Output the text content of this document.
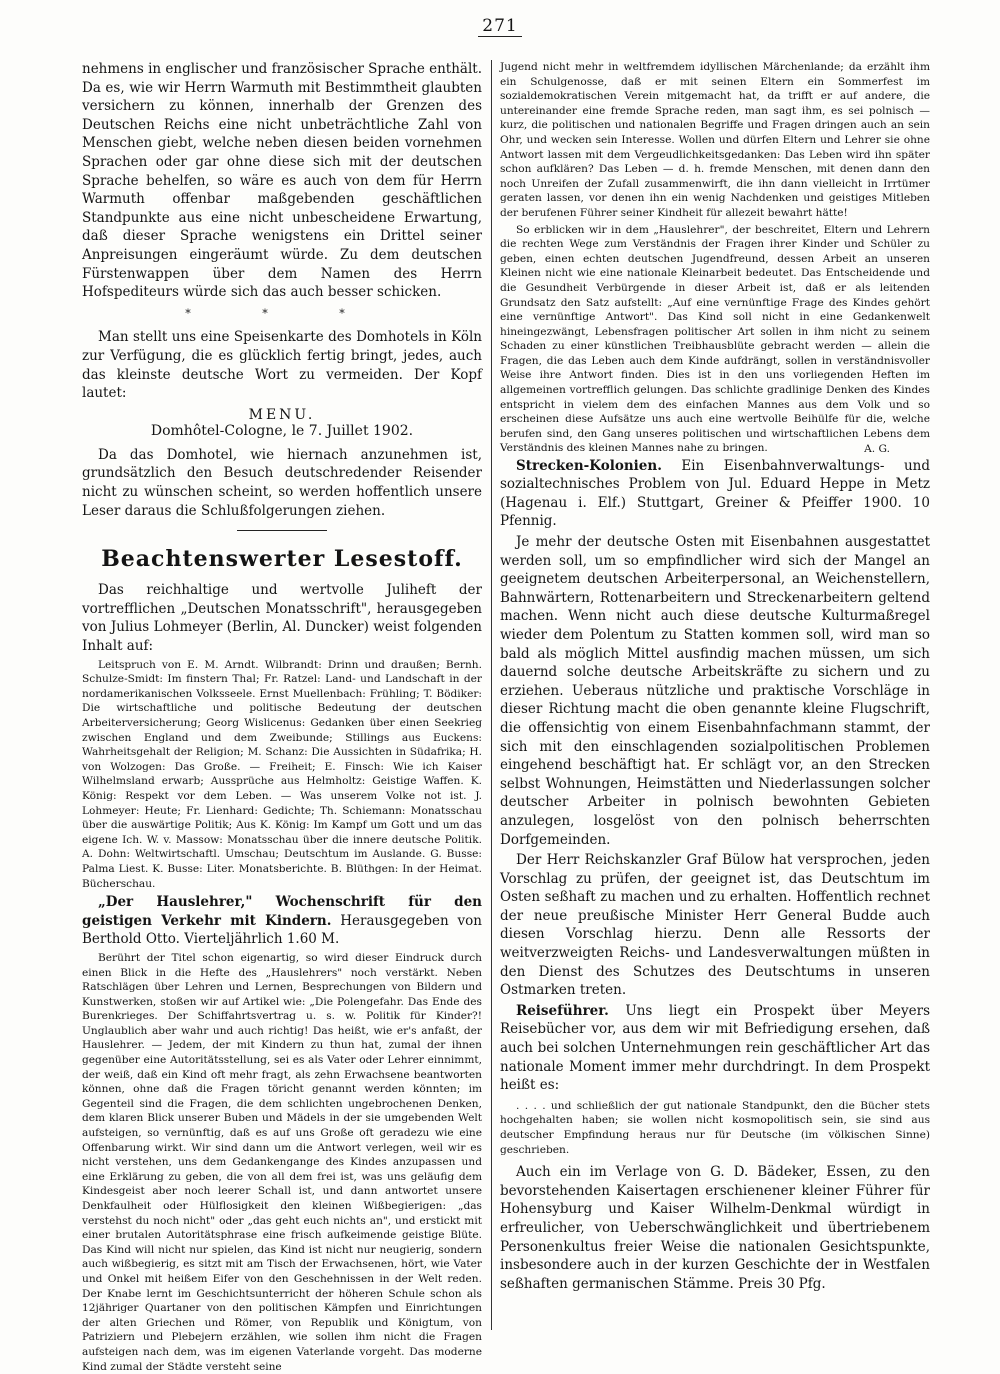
271

nehmens in englischer und französischer Sprache enthält. Da es, wie wir Herrn Warmuth mit Bestimmtheit glaubten versichern zu können, innerhalb der Grenzen des Deutschen Reichs eine nicht unbeträchtliche Zahl von Menschen giebt, welche neben diesen beiden vornehmen Sprachen oder gar ohne diese sich mit der deutschen Sprache behelfen, so wäre es auch von dem für Herrn Warmuth offenbar maßgebenden geschäftlichen Standpunkte aus eine nicht unbescheidene Erwartung, daß dieser Sprache wenigstens ein Drittel seiner Anpreisungen eingeräumt würde. Zu dem deutschen Fürstenwappen über dem Namen des Herrn Hofspediteurs würde sich das auch besser schicken.

* * *

Man stellt uns eine Speisenkarte des Domhotels in Köln zur Verfügung, die es glücklich fertig bringt, jedes, auch das kleinste deutsche Wort zu vermeiden. Der Kopf lautet:

MENU.
Domhôtel-Cologne, le 7. Juillet 1902.

Da das Domhotel, wie hiernach anzunehmen ist, grundsätzlich den Besuch deutschredender Reisender nicht zu wünschen scheint, so werden hoffentlich unsere Leser daraus die Schlußfolgerungen ziehen.

Beachtenswerter Lesestoff.

Das reichhaltige und wertvolle Juliheft der vortrefflichen „Deutschen Monatsschrift", herausgegeben von Julius Lohmeyer (Berlin, Al. Duncker) weist folgenden Inhalt auf:

Leitspruch von E. M. Arndt. Wilbrandt: Drinn und draußen; Bernh. Schulze-Smidt: Im finstern Thal; Fr. Ratzel: Land- und Landschaft in der nordamerikanischen Volksseele. Ernst Muellenbach: Frühling; T. Bödiker: Die wirtschaftliche und politische Bedeutung der deutschen Arbeiterversicherung; Georg Wislicenus: Gedanken über einen Seekrieg zwischen England und dem Zweibunde; Stillings aus Euckens: Wahrheitsgehalt der Religion; M. Schanz: Die Aussichten in Südafrika; H. von Wolzogen: Das Große. — Freiheit; E. Finsch: Wie ich Kaiser Wilhelmsland erwarb; Aussprüche aus Helmholtz: Geistige Waffen. K. König: Respekt vor dem Leben. — Was unserem Volke not ist. J. Lohmeyer: Heute; Fr. Lienhard: Gedichte; Th. Schiemann: Monatsschau über die auswärtige Politik; Aus K. König: Im Kampf um Gott und um das eigene Ich. W. v. Massow: Monatsschau über die innere deutsche Politik. A. Dohn: Weltwirtschaftl. Umschau; Deutschtum im Auslande. G. Busse: Palma Liest. K. Busse: Liter. Monatsberichte. B. Blüthgen: In der Heimat. Bücherschau.

„Der Hauslehrer," Wochenschrift für den geistigen Verkehr mit Kindern. Herausgegeben von Berthold Otto. Vierteljährlich 1.60 M.

Berührt der Titel schon eigenartig, so wird dieser Eindruck durch einen Blick in die Hefte des „Hauslehrers" noch verstärkt. Neben Ratschlägen über Lehren und Lernen, Besprechungen von Bildern und Kunstwerken, stoßen wir auf Artikel wie: „Die Polengefahr. Das Ende des Burenkrieges. Der Schiffahrtsvertrag u. s. w. Politik für Kinder?! Unglaublich aber wahr und auch richtig! Das heißt, wie er's anfaßt, der Hauslehrer. — Jedem, der mit Kindern zu thun hat, zumal der ihnen gegenüber eine Autoritätsstellung, sei es als Vater oder Lehrer einnimmt, der weiß, daß ein Kind oft mehr fragt, als zehn Erwachsene beantworten können, ohne daß die Fragen töricht genannt werden könnten; im Gegenteil sind die Fragen, die dem schlichten ungebrochenen Denken, dem klaren Blick unserer Buben und Mädels in der sie umgebenden Welt aufsteigen, so vernünftig, daß es auf uns Große oft geradezu wie eine Offenbarung wirkt. Wir sind dann um die Antwort verlegen, weil wir es nicht verstehen, uns dem Gedankengange des Kindes anzupassen und eine Erklärung zu geben, die von all dem frei ist, was uns geläufig dem Kindesgeist aber noch leerer Schall ist, und dann antwortet unsere Denkfaulheit oder Hülflosigkeit den kleinen Wißbegierigen: „das verstehst du noch nicht" oder „das geht euch nichts an", und erstickt mit einer brutalen Autoritätsphrase eine frisch aufkeimende geistige Blüte. Das Kind will nicht nur spielen, das Kind ist nicht nur neugierig, sondern auch wißbegierig, es sitzt mit am Tisch der Erwachsenen, hört, wie Vater und Onkel mit heißem Eifer von den Geschehnissen in der Welt reden. Der Knabe lernt im Geschichtsunterricht der höheren Schule schon als 12jähriger Quartaner von den politischen Kämpfen und Einrichtungen der alten Griechen und Römer, von Republik und Königtum, von Patriziern und Plebejern erzählen, wie sollen ihm nicht die Fragen aufsteigen nach dem, was im eigenen Vaterlande vorgeht. Das moderne Kind zumal der Städte versteht seine

Jugend nicht mehr in weltfremdem idyllischen Märchenlande; da erzählt ihm ein Schulgenosse, daß er mit seinen Eltern ein Sommerfest im sozialdemokratischen Verein mitgemacht hat, da trifft er auf andere, die untereinander eine fremde Sprache reden, man sagt ihm, es sei polnisch — kurz, die politischen und nationalen Begriffe und Fragen dringen auch an sein Ohr, und wecken sein Interesse. Wollen und dürfen Eltern und Lehrer sie ohne Antwort lassen mit dem Vergeudlichkeitsgedanken: Das Leben wird ihn später schon aufklären? Das Leben — d. h. fremde Menschen, mit denen dann den noch Unreifen der Zufall zusammenwirft, die ihn dann vielleicht in Irrtümer geraten lassen, vor denen ihn ein wenig Nachdenken und geistiges Mitleben der berufenen Führer seiner Kindheit für allezeit bewahrt hätte!

So erblicken wir in dem „Hauslehrer", der beschreitet, Eltern und Lehrern die rechten Wege zum Verständnis der Fragen ihrer Kinder und Schüler zu geben, einen echten deutschen Jugendfreund, dessen Arbeit an unseren Kleinen nicht wie eine nationale Kleinarbeit bedeutet. Das Entscheidende und die Gesundheit Verbürgende in dieser Arbeit ist, daß er als leitenden Grundsatz den Satz aufstellt: „Auf eine vernünftige Frage des Kindes gehört eine vernünftige Antwort". Das Kind soll nicht in eine Gedankenwelt hineingezwängt, Lebensfragen politischer Art sollen in ihm nicht zu seinem Schaden zu einer künstlichen Treibhausblüte gebracht werden — allein die Fragen, die das Leben auch dem Kinde aufdrängt, sollen in verständnisvoller Weise ihre Antwort finden. Dies ist in den uns vorliegenden Heften im allgemeinen vortrefflich gelungen. Das schlichte gradlinige Denken des Kindes entspricht in vielem dem des einfachen Mannes aus dem Volk und so erscheinen diese Aufsätze uns auch eine wertvolle Beihülfe für die, welche berufen sind, den Gang unseres politischen und wirtschaftlichen Lebens dem Verständnis des kleinen Mannes nahe zu bringen.	A. G.

Strecken-Kolonien. Ein Eisenbahnverwaltungs- und sozialtechnisches Problem von Jul. Eduard Heppe in Metz (Hagenau i. Elf.) Stuttgart, Greiner & Pfeiffer 1900. 10 Pfennig.

Je mehr der deutsche Osten mit Eisenbahnen ausgestattet werden soll, um so empfindlicher wird sich der Mangel an geeignetem deutschen Arbeiterpersonal, an Weichenstellern, Bahnwärtern, Rottenarbeitern und Streckenarbeitern geltend machen. Wenn nicht auch diese deutsche Kulturmaßregel wieder dem Polentum zu Statten kommen soll, wird man so bald als möglich Mittel ausfindig machen müssen, um sich dauernd solche deutsche Arbeitskräfte zu sichern und zu erziehen. Ueberaus nützliche und praktische Vorschläge in dieser Richtung macht die oben genannte kleine Flugschrift, die offensichtig von einem Eisenbahnfachmann stammt, der sich mit den einschlagenden sozialpolitischen Problemen eingehend beschäftigt hat. Er schlägt vor, an den Strecken selbst Wohnungen, Heimstätten und Niederlassungen solcher deutscher Arbeiter in polnisch bewohnten Gebieten anzulegen, losgelöst von den polnisch beherrschten Dorfgemeinden.

Der Herr Reichskanzler Graf Bülow hat versprochen, jeden Vorschlag zu prüfen, der geeignet ist, das Deutschtum im Osten seßhaft zu machen und zu erhalten. Hoffentlich rechnet der neue preußische Minister Herr General Budde auch diesen Vorschlag hierzu. Denn alle Ressorts der weitverzweigten Reichs- und Landesverwaltungen müßten in den Dienst des Schutzes des Deutschtums in unseren Ostmarken treten.

Reiseführer. Uns liegt ein Prospekt über Meyers Reisebücher vor, aus dem wir mit Befriedigung ersehen, daß auch bei solchen Unternehmungen rein geschäftlicher Art das nationale Moment immer mehr durchdringt. In dem Prospekt heißt es:

. . . . und schließlich der gut nationale Standpunkt, den die Bücher stets hochgehalten haben; sie wollen nicht kosmopolitisch sein, sie sind aus deutscher Empfindung heraus nur für Deutsche (im völkischen Sinne) geschrieben.

Auch ein im Verlage von G. D. Bädeker, Essen, zu den bevorstehenden Kaisertagen erschienener kleiner Führer für Hohensyburg und Kaiser Wilhelm-Denkmal würdigt in erfreulicher, von Ueberschwänglichkeit und übertriebenem Personenkultus freier Weise die nationalen Gesichtspunkte, insbesondere auch in der kurzen Geschichte der in Westfalen seßhaften germanischen Stämme. Preis 30 Pfg.
